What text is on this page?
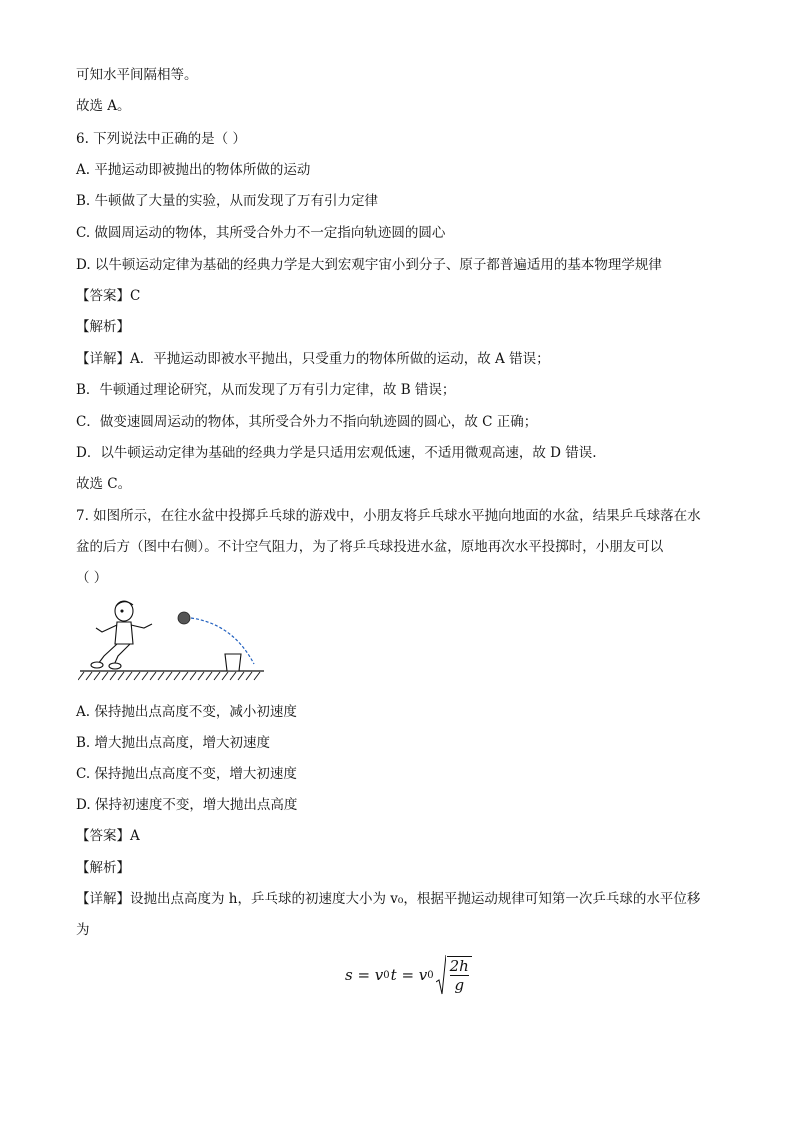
可知水平间隔相等。
故选 A。
6. 下列说法中正确的是（ ）
A. 平抛运动即被抛出的物体所做的运动
B. 牛顿做了大量的实验，从而发现了万有引力定律
C. 做圆周运动的物体，其所受合外力不一定指向轨迹圆的圆心
D. 以牛顿运动定律为基础的经典力学是大到宏观宇宙小到分子、原子都普遍适用的基本物理学规律
【答案】C
【解析】
【详解】A．平抛运动即被水平抛出，只受重力的物体所做的运动，故 A 错误；
B．牛顿通过理论研究，从而发现了万有引力定律，故 B 错误；
C．做变速圆周运动的物体，其所受合外力不指向轨迹圆的圆心，故 C 正确；
D．以牛顿运动定律为基础的经典力学是只适用宏观低速，不适用微观高速，故 D 错误.
故选 C。
7. 如图所示，在往水盆中投掷乒乓球的游戏中，小朋友将乒乓球水平抛向地面的水盆，结果乒乓球落在水
盆的后方（图中右侧）。不计空气阻力，为了将乒乓球投进水盆，原地再次水平投掷时，小朋友可以
（ ）
A. 保持抛出点高度不变，减小初速度
B. 增大抛出点高度，增大初速度
C. 保持抛出点高度不变，增大初速度
D. 保持初速度不变，增大抛出点高度
【答案】A
【解析】
【详解】设抛出点高度为 h，乒乓球的初速度大小为 v₀，根据平抛运动规律可知第一次乒乓球的水平位移
为
s = v 0 t = v $0 \frac{2h}{g}$
